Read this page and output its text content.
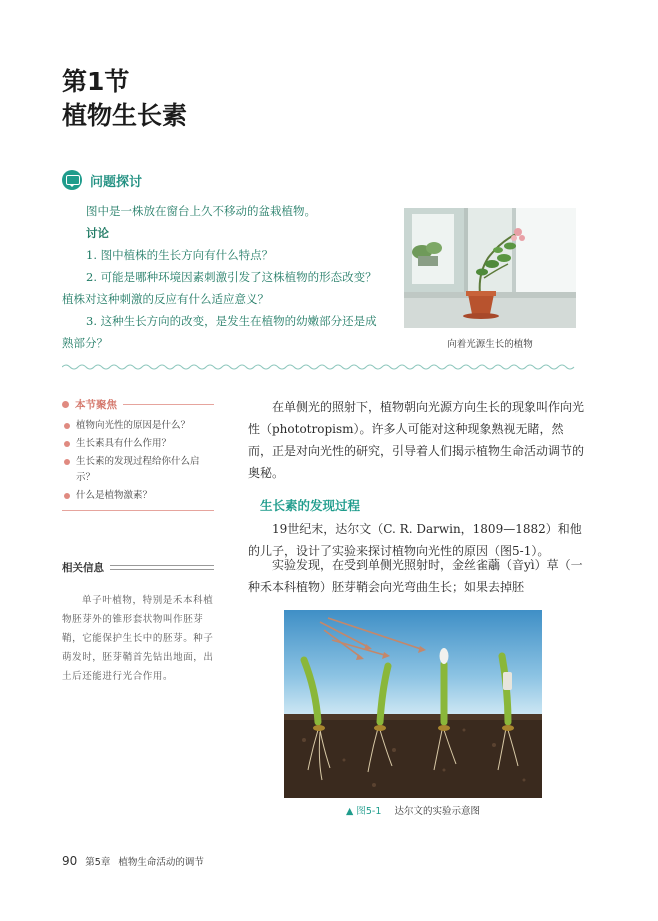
第1节
植物生长素
问题探讨

图中是一株放在窗台上久不移动的盆栽植物。

讨论

1. 图中植株的生长方向有什么特点？

2. 可能是哪种环境因素刺激引发了这株植物的形态改变？植株对这种刺激的反应有什么适应意义？

3. 这种生长方向的改变，是发生在植物的幼嫩部分还是成熟部分？	向着光源生长的植物
本节聚焦
植物向光性的原因是什么？
生长素具有什么作用？
生长素的发现过程给你什么启示？
什么是植物激素？
相关信息

单子叶植物，特别是禾本科植物胚芽外的锥形套状物叫作胚芽鞘，它能保护生长中的胚芽。种子萌发时，胚芽鞘首先钻出地面，出土后还能进行光合作用。

在单侧光的照射下，植物朝向光源方向生长的现象叫作向光性（phototropism）。许多人可能对这种现象熟视无睹，然而，正是对向光性的研究，引导着人们揭示植物生命活动调节的奥秘。

生长素的发现过程

19世纪末，达尔文（C. R. Darwin，1809—1882）和他的儿子，设计了实验来探讨植物向光性的原因（图5-1）。

实验发现，在受到单侧光照射时，金丝雀虉（音yì）草（一种禾本科植物）胚芽鞘会向光弯曲生长；如果去掉胚

▲ 图5-1 达尔文的实验示意图
90 第5章 植物生命活动的调节
